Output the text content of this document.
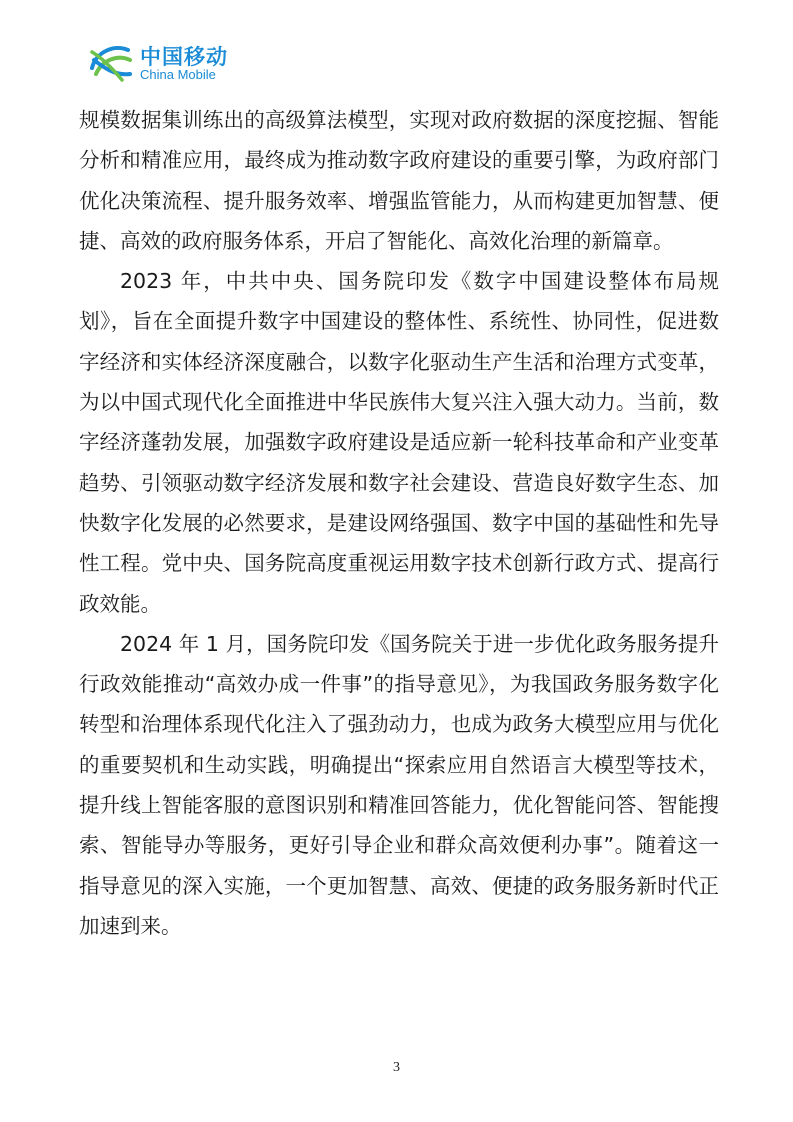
中国移动
China Mobile

规模数据集训练出的高级算法模型，实现对政府数据的深度挖掘、智能分析和精准应用，最终成为推动数字政府建设的重要引擎，为政府部门优化决策流程、提升服务效率、增强监管能力，从而构建更加智慧、便捷、高效的政府服务体系，开启了智能化、高效化治理的新篇章。

2023 年，中共中央、国务院印发《数字中国建设整体布局规划》，旨在全面提升数字中国建设的整体性、系统性、协同性，促进数字经济和实体经济深度融合，以数字化驱动生产生活和治理方式变革，为以中国式现代化全面推进中华民族伟大复兴注入强大动力。当前，数字经济蓬勃发展，加强数字政府建设是适应新一轮科技革命和产业变革趋势、引领驱动数字经济发展和数字社会建设、营造良好数字生态、加快数字化发展的必然要求，是建设网络强国、数字中国的基础性和先导性工程。党中央、国务院高度重视运用数字技术创新行政方式、提高行政效能。

2024 年 1 月，国务院印发《国务院关于进一步优化政务服务提升行政效能推动“高效办成一件事”的指导意见》，为我国政务服务数字化转型和治理体系现代化注入了强劲动力，也成为政务大模型应用与优化的重要契机和生动实践，明确提出“探索应用自然语言大模型等技术，提升线上智能客服的意图识别和精准回答能力，优化智能问答、智能搜索、智能导办等服务，更好引导企业和群众高效便利办事”。随着这一指导意见的深入实施，一个更加智慧、高效、便捷的政务服务新时代正加速到来。

3
